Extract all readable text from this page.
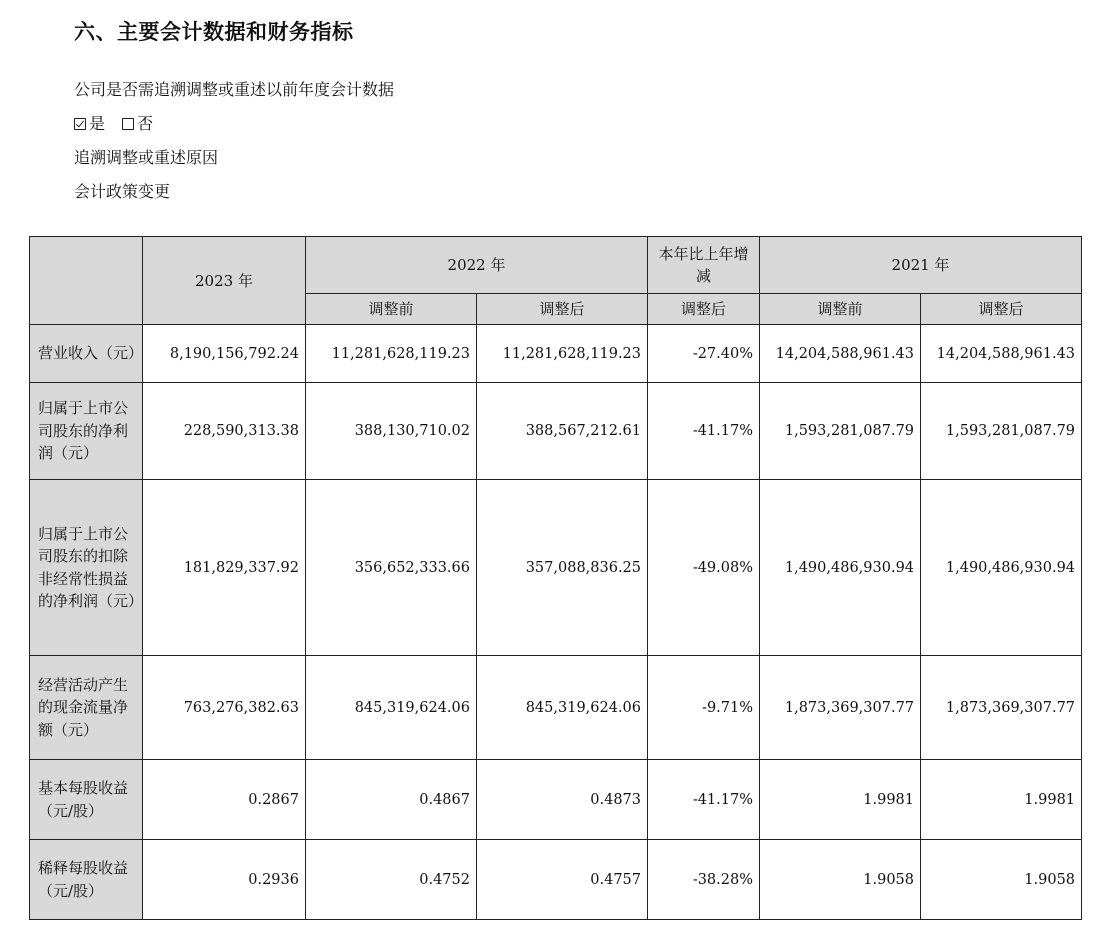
六、主要会计数据和财务指标
公司是否需追溯调整或重述以前年度会计数据
是
否
追溯调整或重述原因
会计政策变更
	2023 年	2022 年		本年比上年增减	2021 年	
		调整前	调整后	调整后	调整前	调整后
营业收入（元）	8,190,156,792.24	11,281,628,119.23	11,281,628,119.23	-27.40%	14,204,588,961.43	14,204,588,961.43
归属于上市公司股东的净利润（元）	228,590,313.38	388,130,710.02	388,567,212.61	-41.17%	1,593,281,087.79	1,593,281,087.79
归属于上市公司股东的扣除非经常性损益的净利润（元）	181,829,337.92	356,652,333.66	357,088,836.25	-49.08%	1,490,486,930.94	1,490,486,930.94
经营活动产生的现金流量净额（元）	763,276,382.63	845,319,624.06	845,319,624.06	-9.71%	1,873,369,307.77	1,873,369,307.77
基本每股收益（元/股）	0.2867	0.4867	0.4873	-41.17%	1.9981	1.9981
稀释每股收益（元/股）	0.2936	0.4752	0.4757	-38.28%	1.9058	1.9058
